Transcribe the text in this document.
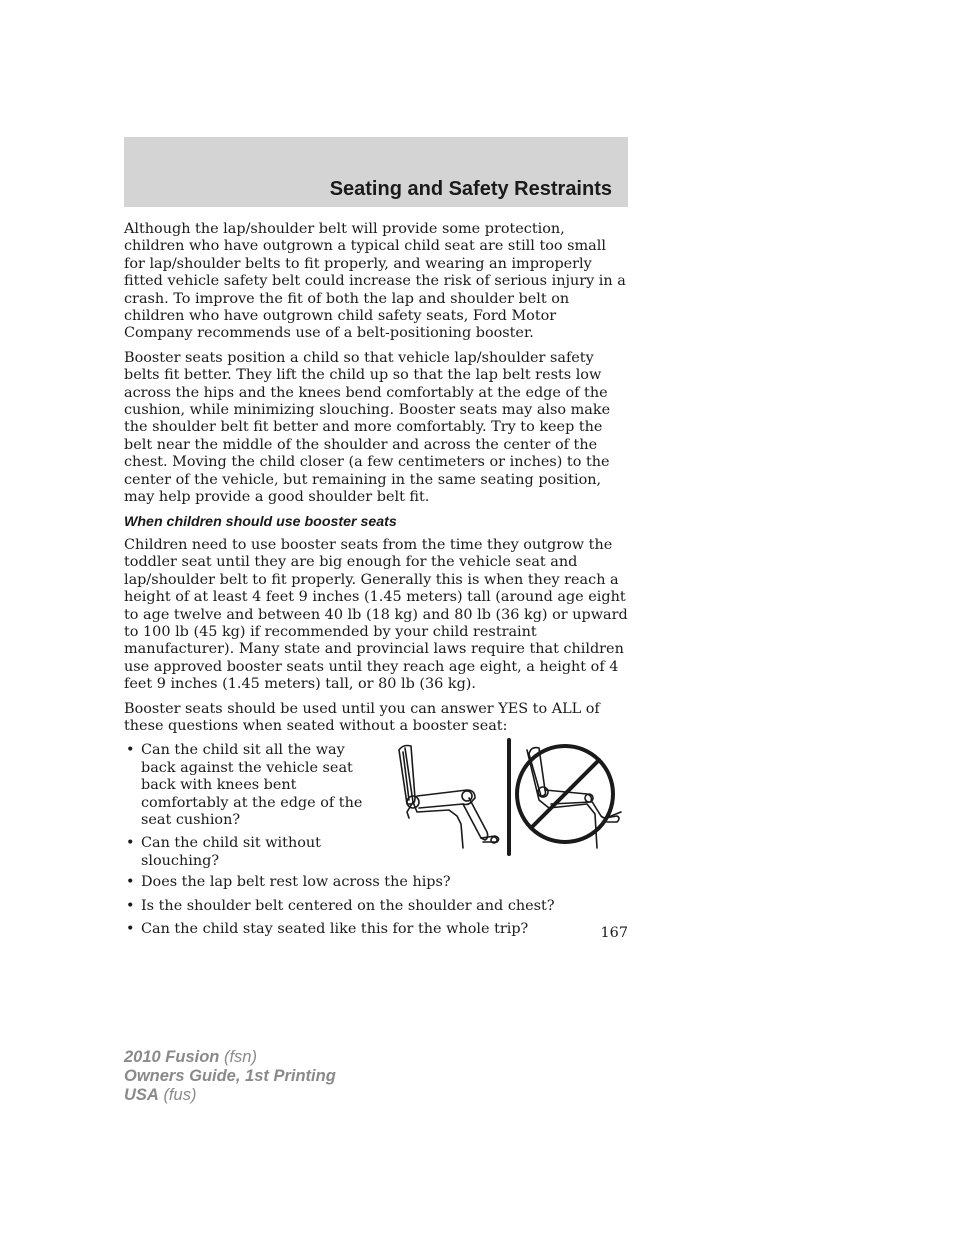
Seating and Safety Restraints

Although the lap/shoulder belt will provide some protection, children who have outgrown a typical child seat are still too small for lap/shoulder belts to fit properly, and wearing an improperly fitted vehicle safety belt could increase the risk of serious injury in a crash. To improve the fit of both the lap and shoulder belt on children who have outgrown child safety seats, Ford Motor Company recommends use of a belt-positioning booster.

Booster seats position a child so that vehicle lap/shoulder safety belts fit better. They lift the child up so that the lap belt rests low across the hips and the knees bend comfortably at the edge of the cushion, while minimizing slouching. Booster seats may also make the shoulder belt fit better and more comfortably. Try to keep the belt near the middle of the shoulder and across the center of the chest. Moving the child closer (a few centimeters or inches) to the center of the vehicle, but remaining in the same seating position, may help provide a good shoulder belt fit.

When children should use booster seats

Children need to use booster seats from the time they outgrow the toddler seat until they are big enough for the vehicle seat and lap/shoulder belt to fit properly. Generally this is when they reach a height of at least 4 feet 9 inches (1.45 meters) tall (around age eight to age twelve and between 40 lb (18 kg) and 80 lb (36 kg) or upward to 100 lb (45 kg) if recommended by your child restraint manufacturer). Many state and provincial laws require that children use approved booster seats until they reach age eight, a height of 4 feet 9 inches (1.45 meters) tall, or 80 lb (36 kg).

Booster seats should be used until you can answer YES to ALL of these questions when seated without a booster seat:

• Can the child sit all the way back against the vehicle seat back with knees bent comfortably at the edge of the seat cushion?
• Can the child sit without slouching?
• Does the lap belt rest low across the hips?
• Is the shoulder belt centered on the shoulder and chest?
• Can the child stay seated like this for the whole trip?	167
2010 Fusion (fsn)
Owners Guide, 1st Printing
USA (fus)
